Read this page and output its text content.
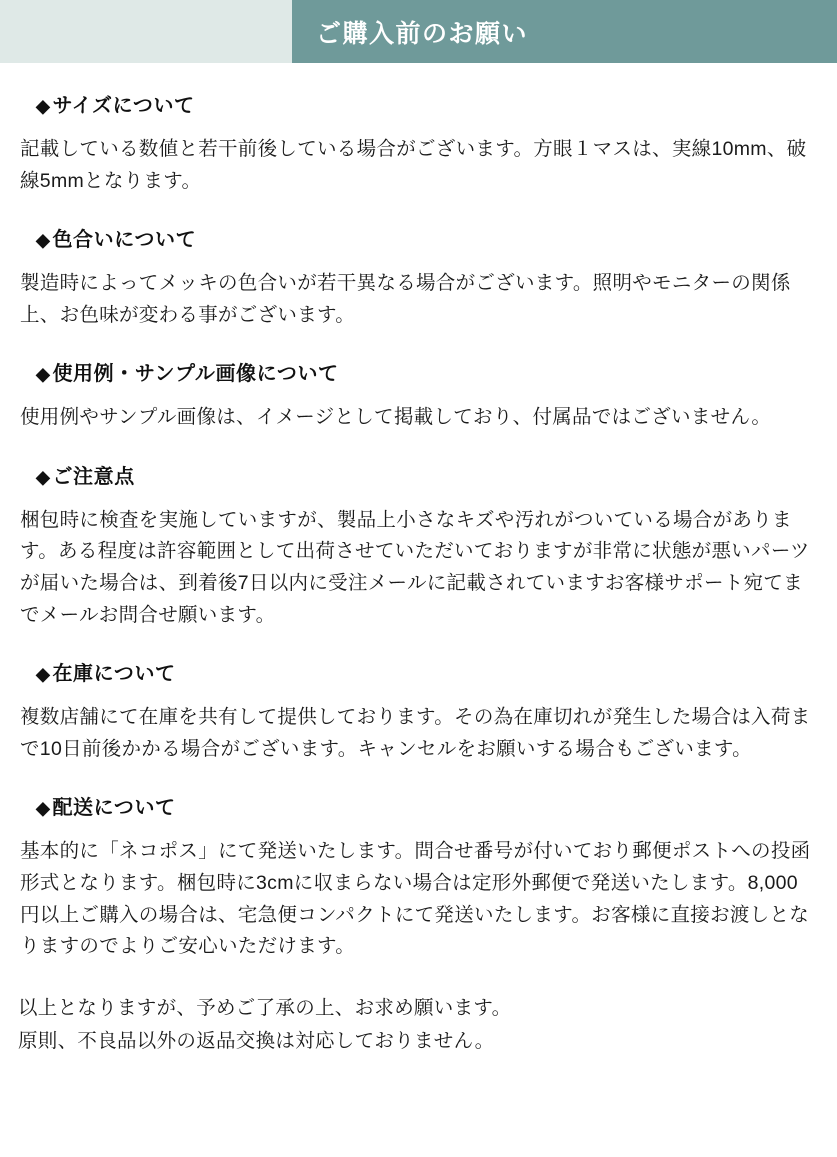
ご購入前のお願い
◆ サイズについて
記載している数値と若干前後している場合がございます。方眼１マスは、実線10mm、破線5mmとなります。
◆ 色合いについて
製造時によってメッキの色合いが若干異なる場合がございます。照明やモニターの関係上、お色味が変わる事がございます。
◆ 使用例・サンプル画像について
使用例やサンプル画像は、イメージとして掲載しており、付属品ではございません。
◆ ご注意点
梱包時に検査を実施していますが、製品上小さなキズや汚れがついている場合があります。ある程度は許容範囲として出荷させていただいておりますが非常に状態が悪いパーツが届いた場合は、到着後7日以内に受注メールに記載されていますお客様サポート宛てまでメールお問合せ願います。
◆ 在庫について
複数店舗にて在庫を共有して提供しております。その為在庫切れが発生した場合は入荷まで10日前後かかる場合がございます。キャンセルをお願いする場合もございます。
◆ 配送について
基本的に「ネコポス」にて発送いたします。問合せ番号が付いており郵便ポストへの投函形式となります。梱包時に3cmに収まらない場合は定形外郵便で発送いたします。8,000円以上ご購入の場合は、宅急便コンパクトにて発送いたします。お客様に直接お渡しとなりますのでよりご安心いただけます。
以上となりますが、予めご了承の上、お求め願います。
原則、不良品以外の返品交換は対応しておりません。
